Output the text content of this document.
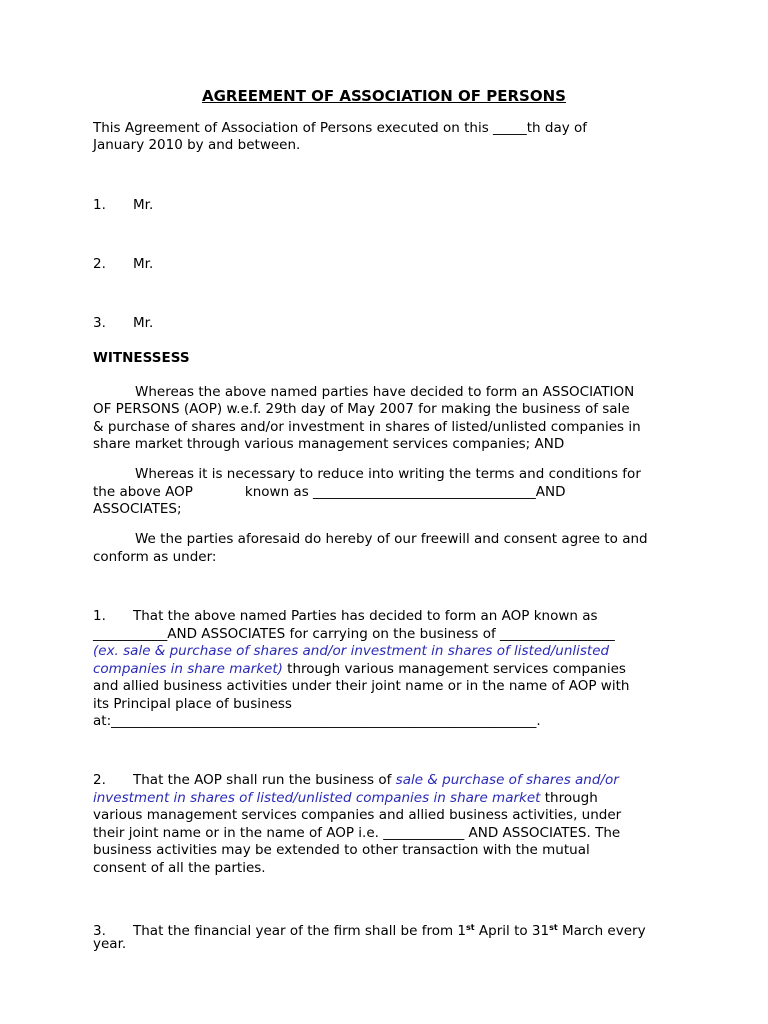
AGREEMENT OF ASSOCIATION OF PERSONS

This Agreement of Association of Persons executed on this _____th day of

January 2010 by and between.

1. Mr.

2. Mr.

3. Mr.

WITNESSESS

Whereas the above named parties have decided to form an ASSOCIATION

OF PERSONS (AOP) w.e.f. 29th day of May 2007 for making the business of sale

& purchase of shares and/or investment in shares of listed/unlisted companies in

share market through various management services companies; AND

Whereas it is necessary to reduce into writing the terms and conditions for

the above AOP	known as _________________________________AND

ASSOCIATES;

We the parties aforesaid do hereby of our freewill and consent agree to and

conform as under:

1. That the above named Parties has decided to form an AOP known as

___________AND ASSOCIATES for carrying on the business of _________________

(ex. sale & purchase of shares and/or investment in shares of listed/unlisted

companies in share market) through various management services companies

and allied business activities under their joint name or in the name of AOP with

its Principal place of business

at:_______________________________________________________________.

2. That the AOP shall run the business of sale & purchase of shares and/or

investment in shares of listed/unlisted companies in share market through

various management services companies and allied business activities, under

their joint name or in the name of AOP i.e. ____________ AND ASSOCIATES. The

business activities may be extended to other transaction with the mutual

consent of all the parties.

3. That the financial year of the firm shall be from 1st April to 31st March every

year.
